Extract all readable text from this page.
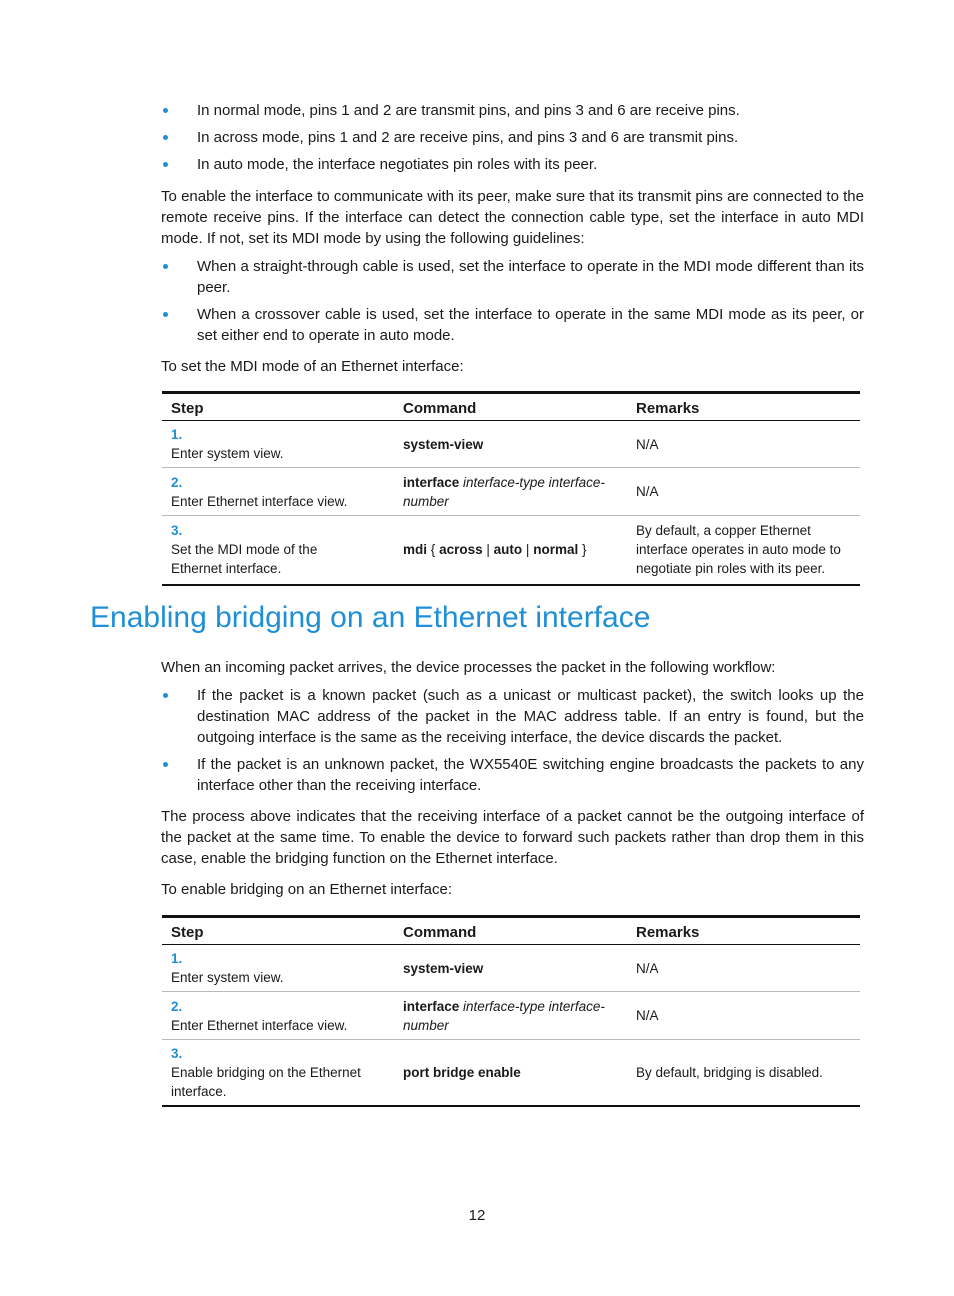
In normal mode, pins 1 and 2 are transmit pins, and pins 3 and 6 are receive pins.
In across mode, pins 1 and 2 are receive pins, and pins 3 and 6 are transmit pins.
In auto mode, the interface negotiates pin roles with its peer.

To enable the interface to communicate with its peer, make sure that its transmit pins are connected to the remote receive pins. If the interface can detect the connection cable type, set the interface in auto MDI mode. If not, set its MDI mode by using the following guidelines:

When a straight-through cable is used, set the interface to operate in the MDI mode different than its peer.
When a crossover cable is used, set the interface to operate in the same MDI mode as its peer, or set either end to operate in auto mode.

To set the MDI mode of an Ethernet interface:

Step	Command	Remarks
1.Enter system view.	system-view	N/A
2.Enter Ethernet interface view.	interface interface-type interface-number	N/A
3.Set the MDI mode of the Ethernet interface.	mdi { across | auto | normal }	By default, a copper Ethernet interface operates in auto mode to negotiate pin roles with its peer.
Enabling bridging on an Ethernet interface

When an incoming packet arrives, the device processes the packet in the following workflow:

If the packet is a known packet (such as a unicast or multicast packet), the switch looks up the destination MAC address of the packet in the MAC address table. If an entry is found, but the outgoing interface is the same as the receiving interface, the device discards the packet.
If the packet is an unknown packet, the WX5540E switching engine broadcasts the packets to any interface other than the receiving interface.

The process above indicates that the receiving interface of a packet cannot be the outgoing interface of the packet at the same time. To enable the device to forward such packets rather than drop them in this case, enable the bridging function on the Ethernet interface.

To enable bridging on an Ethernet interface:

Step	Command	Remarks
1.Enter system view.	system-view	N/A
2.Enter Ethernet interface view.	interface interface-type interface-number	N/A
3.Enable bridging on the Ethernet interface.	port bridge enable	By default, bridging is disabled.
12
